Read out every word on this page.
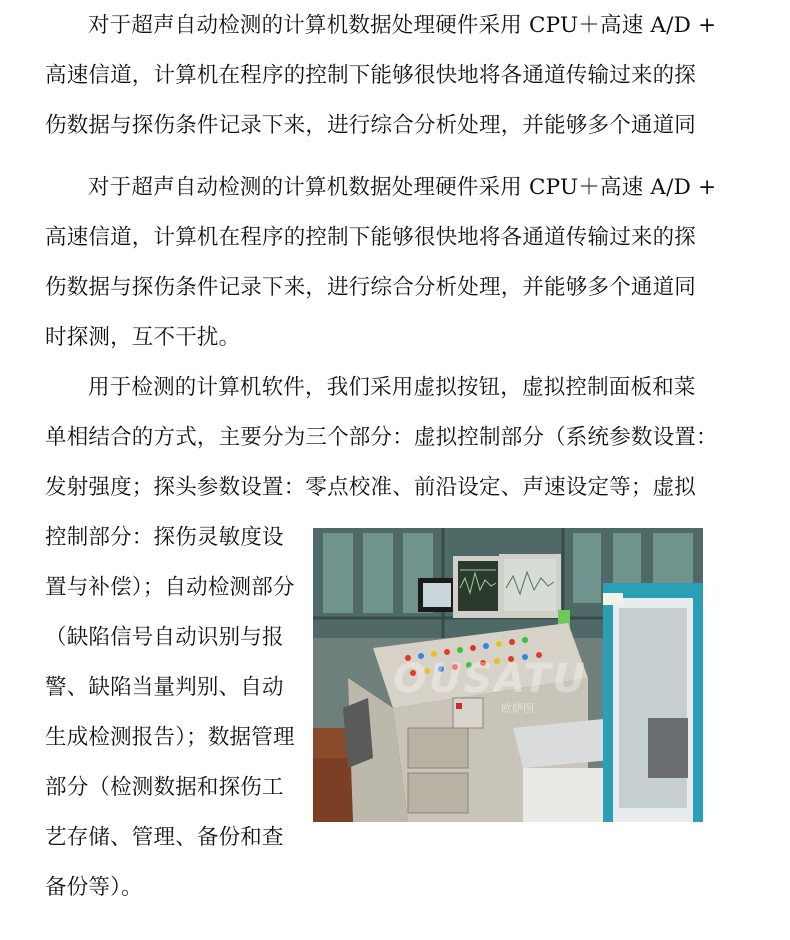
对于超声自动检测的计算机数据处理硬件采用 CPU＋高速 A/D +
高速信道，计算机在程序的控制下能够很快地将各通道传输过来的探
伤数据与探伤条件记录下来，进行综合分析处理，并能够多个通道同
对于超声自动检测的计算机数据处理硬件采用 CPU＋高速 A/D +
高速信道，计算机在程序的控制下能够很快地将各通道传输过来的探
伤数据与探伤条件记录下来，进行综合分析处理，并能够多个通道同
时探测，互不干扰。
用于检测的计算机软件，我们采用虚拟按钮，虚拟控制面板和菜
单相结合的方式，主要分为三个部分：虚拟控制部分（系统参数设置：
发射强度；探头参数设置：零点校准、前沿设定、声速设定等；虚拟
控制部分：探伤灵敏度设
置与补偿）；自动检测部分
（缺陷信号自动识别与报
警、缺陷当量判别、自动
生成检测报告）；数据管理
部分（检测数据和探伤工
艺存储、管理、备份和查
备份等）。
OUSATU
欧萨图
